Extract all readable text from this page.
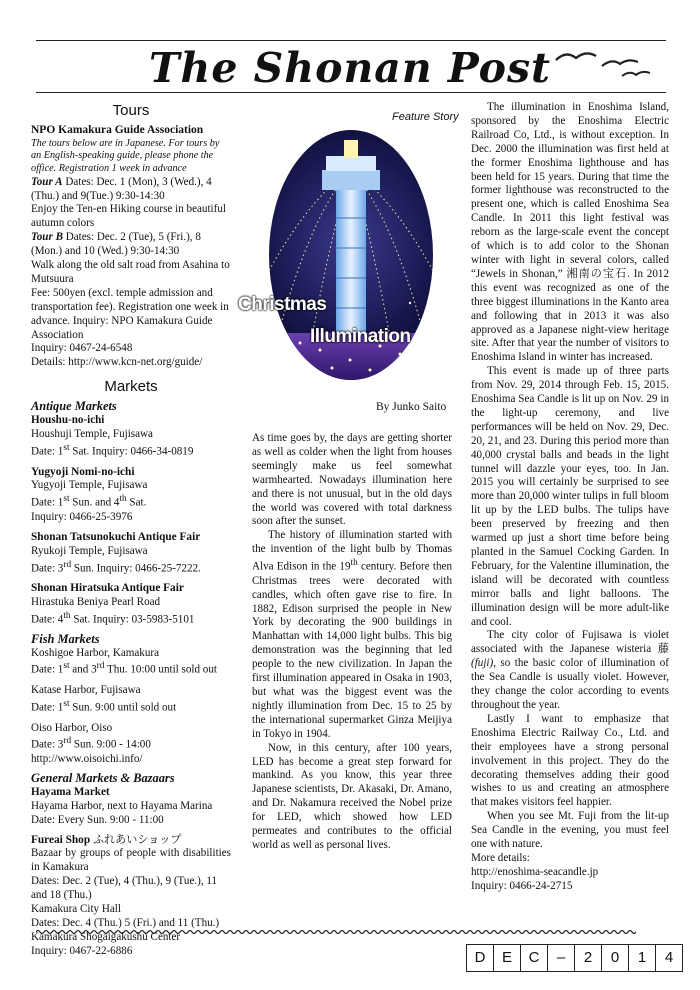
The Shonan Post
Tours
NPO Kamakura Guide Association
The tours below are in Japanese. For tours by an English-speaking guide, please phone the office. Registration 1 week in advance

Tour A Dates: Dec. 1 (Mon), 3 (Wed.), 4 (Thu.) and 9(Tue.) 9:30-14:30

Enjoy the Ten-en Hiking course in beautiful autumn colors

Tour B Dates: Dec. 2 (Tue), 5 (Fri.), 8 (Mon.) and 10 (Wed.) 9:30-14:30

Walk along the old salt road from Asahina to Mutsuura

Fee: 500yen (excl. temple admission and transportation fee). Registration one week in advance. Inquiry: NPO Kamakura Guide Association

Inquiry: 0467-24-6548

Details: http://www.kcn-net.org/guide/

Markets
Antique Markets
Houshu-no-ichi

Houshuji Temple, Fujisawa

Date: 1st Sat. Inquiry: 0466-34-0819

Yugyoji Nomi-no-ichi

Yugyoji Temple, Fujisawa

Date: 1st Sun. and 4th Sat.

Inquiry: 0466-25-3976

Shonan Tatsunokuchi Antique Fair

Ryukoji Temple, Fujisawa

Date: 3rd Sun. Inquiry: 0466-25-7222.

Shonan Hiratsuka Antique Fair

Hirastuka Beniya Pearl Road

Date: 4th Sat. Inquiry: 03-5983-5101

Fish Markets

Koshigoe Harbor, Kamakura

Date: 1st and 3rd Thu. 10:00 until sold out

Katase Harbor, Fujisawa

Date: 1st Sun. 9:00 until sold out

Oiso Harbor, Oiso

Date: 3rd Sun. 9:00 - 14:00

http://www.oisoichi.info/

General Markets & Bazaars
Hayama Market

Hayama Harbor, next to Hayama Marina

Date: Every Sun. 9:00 - 11:00

Fureai Shop ふれあいショップ

Bazaar by groups of people with disabilities in Kamakura

Dates: Dec. 2 (Tue), 4 (Thu.), 9 (Tue.), 11 and 18 (Thu.)

Kamakura City Hall

Dates: Dec. 4 (Thu.) 5 (Fri.) and 11 (Thu.)

Kamakura Shogaigakushu Center

Inquiry: 0467-22-6886

Feature Story
Christmas
Illumination
By Junko Saito

As time goes by, the days are getting shorter as well as colder when the light from houses seemingly make us feel somewhat warmhearted. Nowadays illumination here and there is not unusual, but in the old days the world was covered with total darkness soon after the sunset.

The history of illumination started with the invention of the light bulb by Thomas Alva Edison in the 19th century. Before then Christmas trees were decorated with candles, which often gave rise to fire. In 1882, Edison surprised the people in New York by decorating the 900 buildings in Manhattan with 14,000 light bulbs. This big demonstration was the beginning that led people to the new civilization. In Japan the first illumination appeared in Osaka in 1903, but what was the biggest event was the nightly illumination from Dec. 15 to 25 by the international supermarket Ginza Meijiya in Tokyo in 1904.

Now, in this century, after 100 years, LED has become a great step forward for mankind. As you know, this year three Japanese scientists, Dr. Akasaki, Dr. Amano, and Dr. Nakamura received the Nobel prize for LED, which showed how LED permeates and contributes to the official world as well as personal lives.

The illumination in Enoshima Island, sponsored by the Enoshima Electric Railroad Co, Ltd., is without exception. In Dec. 2000 the illumination was first held at the former Enoshima lighthouse and has been held for 15 years. During that time the former lighthouse was reconstructed to the present one, which is called Enoshima Sea Candle. In 2011 this light festival was reborn as the large-scale event the concept of which is to add color to the Shonan winter with light in several colors, called “Jewels in Shonan,” 湘南の宝石. In 2012 this event was recognized as one of the three biggest illuminations in the Kanto area and following that in 2013 it was also approved as a Japanese night-view heritage site. After that year the number of visitors to Enoshima Island in winter has increased.

This event is made up of three parts from Nov. 29, 2014 through Feb. 15, 2015. Enoshima Sea Candle is lit up on Nov. 29 in the light-up ceremony, and live performances will be held on Nov. 29, Dec. 20, 21, and 23. During this period more than 40,000 crystal balls and beads in the light tunnel will dazzle your eyes, too. In Jan. 2015 you will certainly be surprised to see more than 20,000 winter tulips in full bloom lit up by the LED bulbs. The tulips have been preserved by freezing and then warmed up just a short time before being planted in the Samuel Cocking Garden. In February, for the Valentine illumination, the island will be decorated with countless mirror balls and light balloons. The illumination design will be more adult-like and cool.

The city color of Fujisawa is violet associated with the Japanese wisteria 藤(fuji), so the basic color of illumination of the Sea Candle is usually violet. However, they change the color according to events throughout the year.

Lastly I want to emphasize that Enoshima Electric Railway Co., Ltd. and their employees have a strong personal involvement in this project. They do the decorating themselves adding their good wishes to us and creating an atmosphere that makes visitors feel happier.

When you see Mt. Fuji from the lit-up Sea Candle in the evening, you must feel one with nature.

More details:

http://enoshima-seacandle.jp

Inquiry: 0466-24-2715

D	E	C	–	2	0	1	4
